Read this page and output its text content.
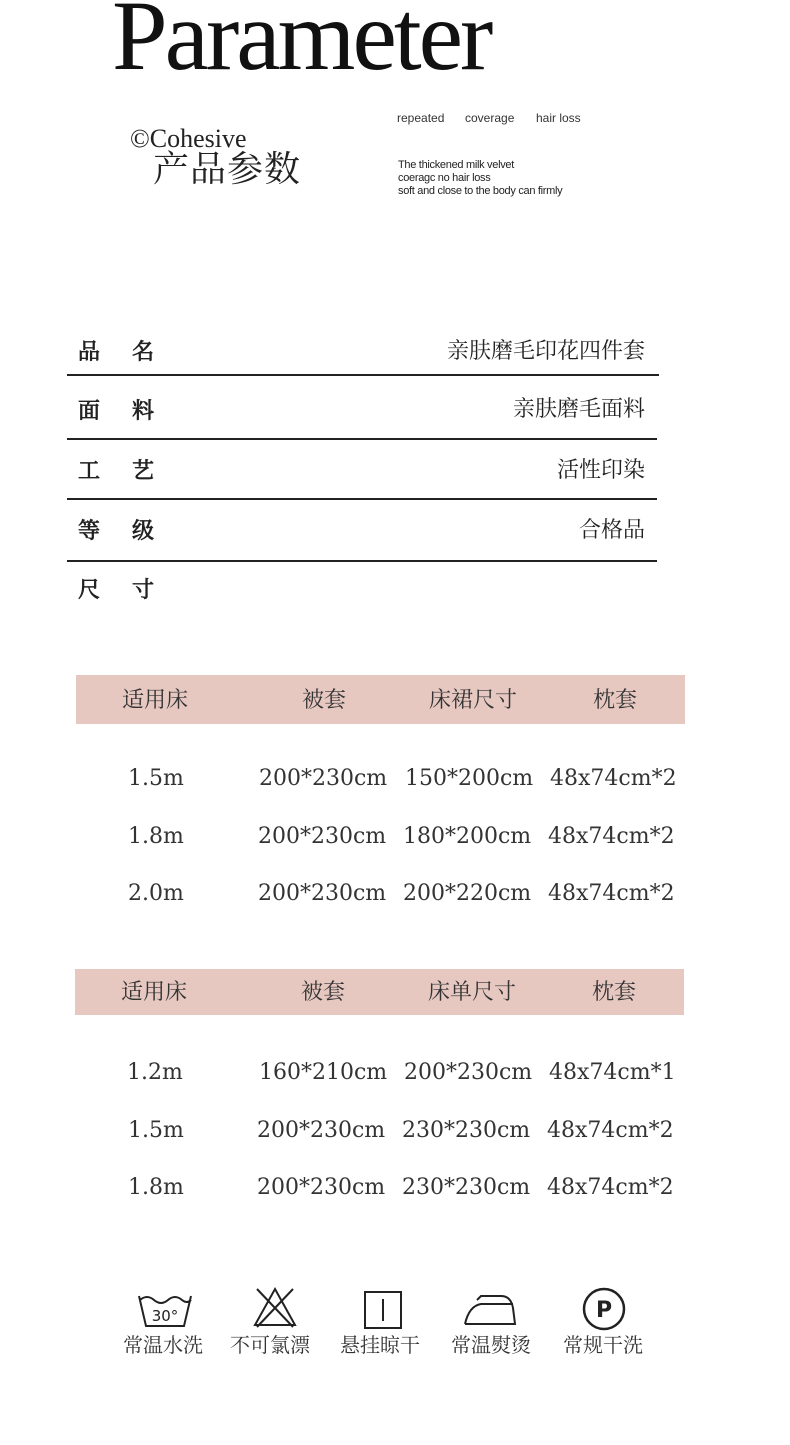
Parameter
©Cohesive
产品参数
repeated coverage hair loss
The thickened milk velvet
coeragc no hair loss
soft and close to the body can firmly
品名	亲肤磨毛印花四件套
面料	亲肤磨毛面料
工艺	活性印染
等级	合格品
尺寸
适用床	被套	床裙尺寸	枕套
1.5m	200*230cm 150*200cm 48x74cm*2
1.8m	200*230cm 180*200cm 48x74cm*2
2.0m	200*230cm 200*220cm 48x74cm*2
适用床	被套	床单尺寸	枕套
1.2m	160*210cm 200*230cm 48x74cm*1
1.5m	200*230cm 230*230cm 48x74cm*2
1.8m	200*230cm 230*230cm 48x74cm*2
30°
常温水洗 不可氯漂 悬挂晾干 常温熨烫
P
常规干洗
